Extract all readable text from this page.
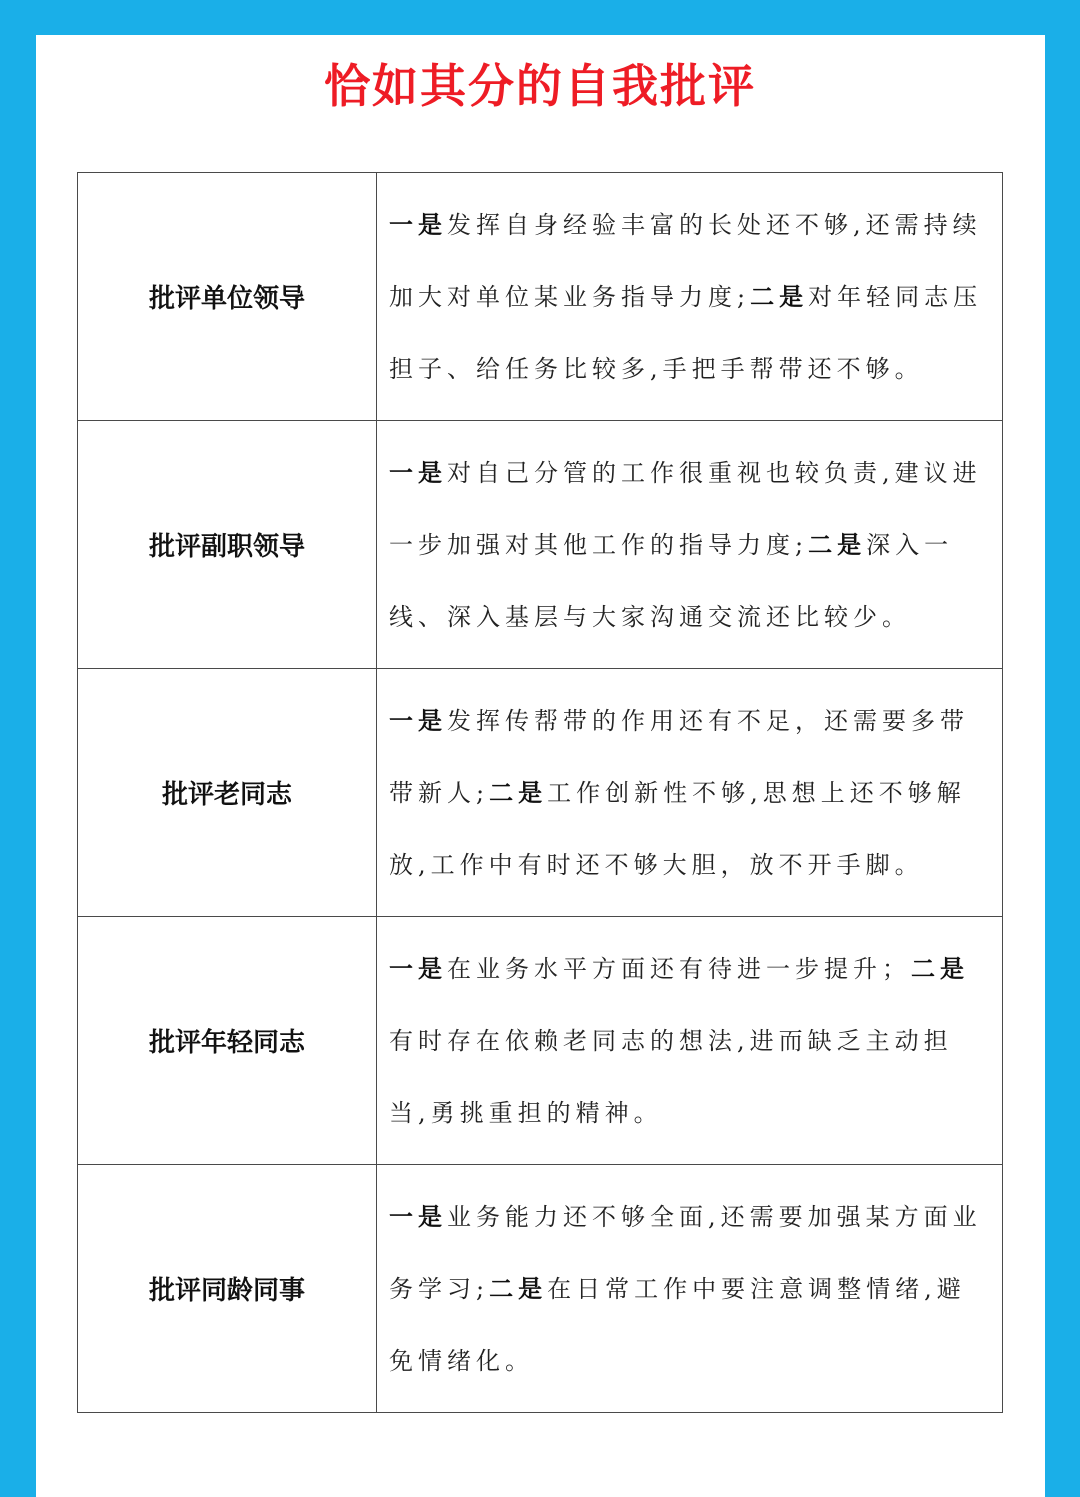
恰如其分的自我批评
批评单位领导	一是发挥自身经验丰富的长处还不够,还需持续加大对单位某业务指导力度;二是对年轻同志压担子、给任务比较多,手把手帮带还不够。
批评副职领导	一是对自己分管的工作很重视也较负责,建议进一步加强对其他工作的指导力度;二是深入一线、深入基层与大家沟通交流还比较少。
批评老同志	一是发挥传帮带的作用还有不足，还需要多带带新人;二是工作创新性不够,思想上还不够解放,工作中有时还不够大胆，放不开手脚。
批评年轻同志	一是在业务水平方面还有待进一步提升；二是有时存在依赖老同志的想法,进而缺乏主动担当,勇挑重担的精神。
批评同龄同事	一是业务能力还不够全面,还需要加强某方面业务学习;二是在日常工作中要注意调整情绪,避免情绪化。
